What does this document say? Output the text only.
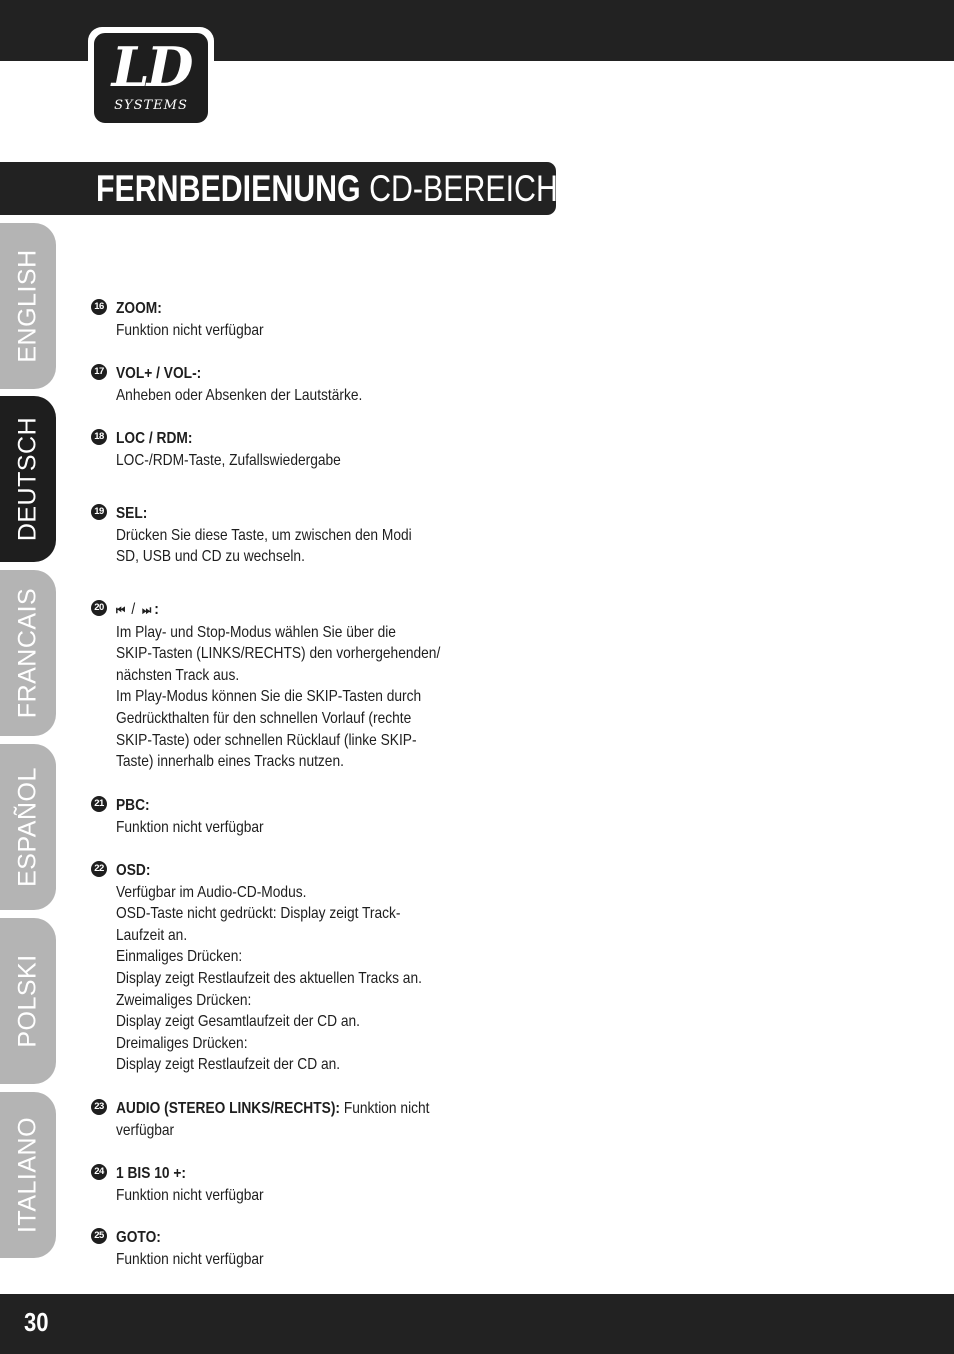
LD
SYSTEMS
FERNBEDIENUNG CD-BEREICH:
ENGLISH
DEUTSCH
FRANCAIS
ESPAÑOL
POLSKI
ITALIANO
16 ZOOM:
Funktion nicht verfügbar
17 VOL+ / VOL-:
Anheben oder Absenken der Lautstärke.
18 LOC / RDM:
LOC-/RDM-Taste, Zufallswiedergabe
19 SEL:
Drücken Sie diese Taste, um zwischen den Modi
SD, USB und CD zu wechseln.
20 ⏮ / ⏭ :
Im Play- und Stop-Modus wählen Sie über die
SKIP-Tasten (LINKS/RECHTS) den vorhergehenden/
nächsten Track aus.
Im Play-Modus können Sie die SKIP-Tasten durch
Gedrückthalten für den schnellen Vorlauf (rechte
SKIP-Taste) oder schnellen Rücklauf (linke SKIP-
Taste) innerhalb eines Tracks nutzen.
21 PBC:
Funktion nicht verfügbar
22 OSD:
Verfügbar im Audio-CD-Modus.
OSD-Taste nicht gedrückt: Display zeigt Track-
Laufzeit an.
Einmaliges Drücken:
Display zeigt Restlaufzeit des aktuellen Tracks an.
Zweimaliges Drücken:
Display zeigt Gesamtlaufzeit der CD an.
Dreimaliges Drücken:
Display zeigt Restlaufzeit der CD an.
23 AUDIO (STEREO LINKS/RECHTS): Funktion nicht
verfügbar
24 1 BIS 10 +:
Funktion nicht verfügbar
25 GOTO:
Funktion nicht verfügbar
30
